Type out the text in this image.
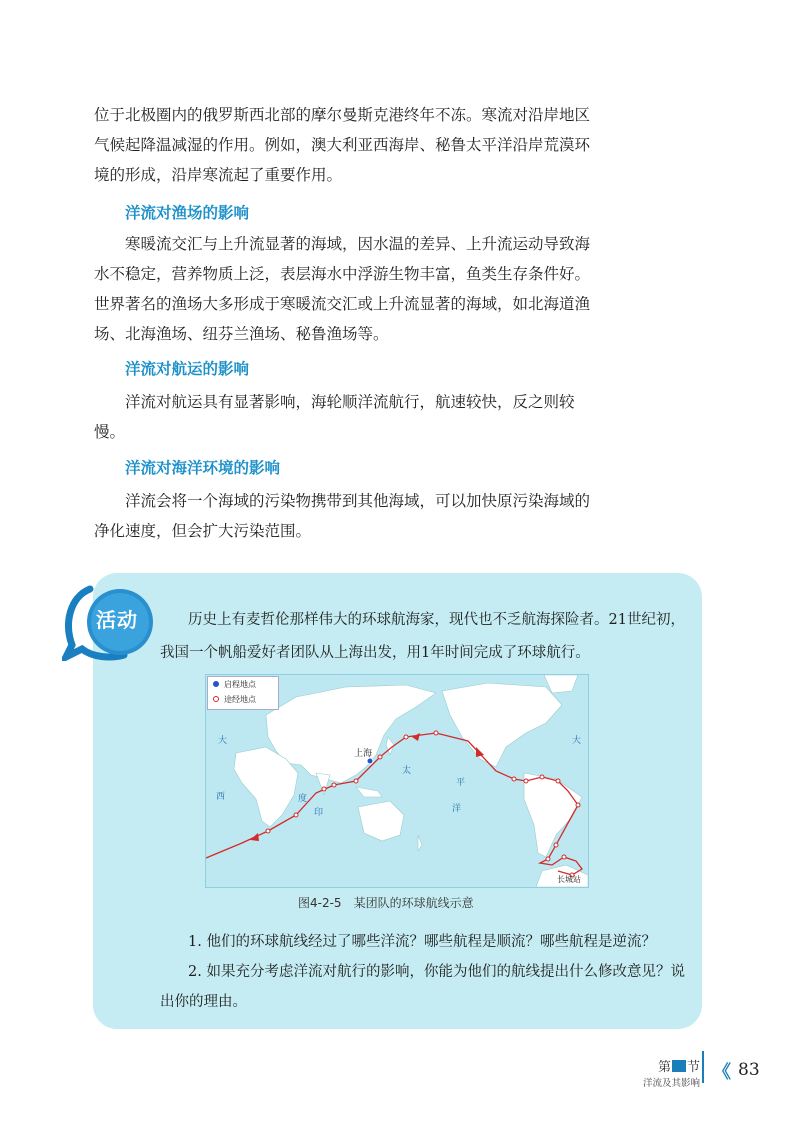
位于北极圈内的俄罗斯西北部的摩尔曼斯克港终年不冻。寒流对沿岸地区气候起降温减湿的作用。例如，澳大利亚西海岸、秘鲁太平洋沿岸荒漠环境的形成，沿岸寒流起了重要作用。

洋流对渔场的影响

寒暖流交汇与上升流显著的海域，因水温的差异、上升流运动导致海水不稳定，营养物质上泛，表层海水中浮游生物丰富，鱼类生存条件好。世界著名的渔场大多形成于寒暖流交汇或上升流显著的海域，如北海道渔场、北海渔场、纽芬兰渔场、秘鲁渔场等。

洋流对航运的影响

洋流对航运具有显著影响，海轮顺洋流航行，航速较快，反之则较慢。

洋流对海洋环境的影响

洋流会将一个海域的污染物携带到其他海域，可以加快原污染海域的净化速度，但会扩大污染范围。

活动	历史上有麦哲伦那样伟大的环球航海家，现代也不乏航海探险者。21世纪初，我国一个帆船爱好者团队从上海出发，用1年时间完成了环球航行。

大
西
印
度
太
平
洋
大
启程地点
途经地点
上海
长城站
图4-2-5　某团队的环球航线示意

1. 他们的环球航线经过了哪些洋流？哪些航程是顺流？哪些航程是逆流？

2. 如果充分考虑洋流对航行的影响，你能为他们的航线提出什么修改意见？说出你的理由。

第 节
洋流及其影响
《 83
